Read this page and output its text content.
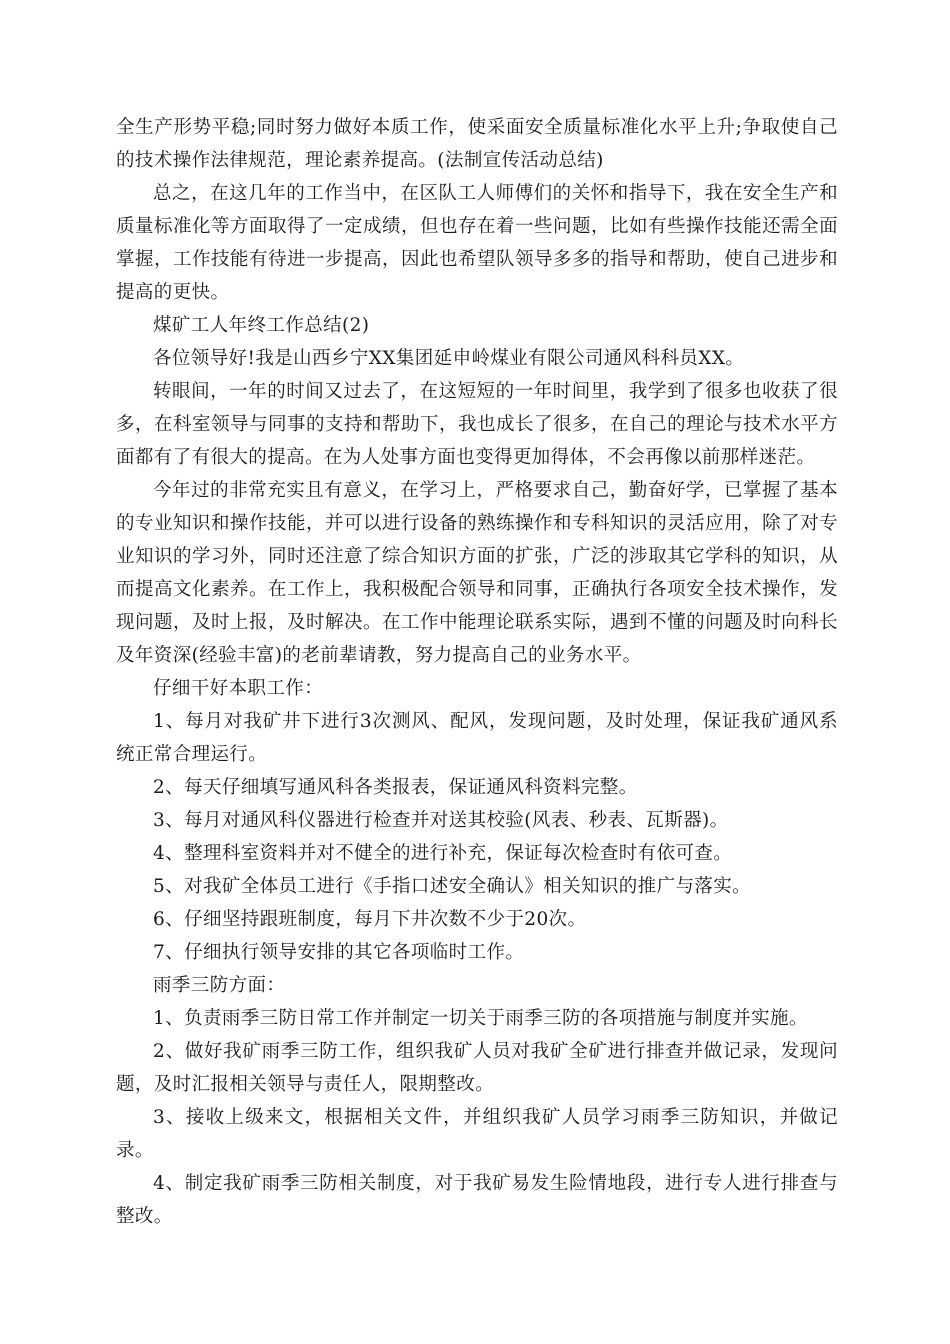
全生产形势平稳;同时努力做好本质工作，使采面安全质量标准化水平上升;争取使自己的技术操作法律规范，理论素养提高。(法制宣传活动总结)

总之，在这几年的工作当中，在区队工人师傅们的关怀和指导下，我在安全生产和质量标准化等方面取得了一定成绩，但也存在着一些问题，比如有些操作技能还需全面掌握，工作技能有待进一步提高，因此也希望队领导多多的指导和帮助，使自己进步和提高的更快。

煤矿工人年终工作总结(2)

各位领导好!我是山西乡宁XX集团延申岭煤业有限公司通风科科员XX。

转眼间，一年的时间又过去了，在这短短的一年时间里，我学到了很多也收获了很多，在科室领导与同事的支持和帮助下，我也成长了很多，在自己的理论与技术水平方面都有了有很大的提高。在为人处事方面也变得更加得体，不会再像以前那样迷茫。

今年过的非常充实且有意义，在学习上，严格要求自己，勤奋好学，已掌握了基本的专业知识和操作技能，并可以进行设备的熟练操作和专科知识的灵活应用，除了对专业知识的学习外，同时还注意了综合知识方面的扩张，广泛的涉取其它学科的知识，从而提高文化素养。在工作上，我积极配合领导和同事，正确执行各项安全技术操作，发现问题，及时上报，及时解决。在工作中能理论联系实际，遇到不懂的问题及时向科长及年资深(经验丰富)的老前辈请教，努力提高自己的业务水平。

仔细干好本职工作：

1、每月对我矿井下进行3次测风、配风，发现问题，及时处理，保证我矿通风系统正常合理运行。

2、每天仔细填写通风科各类报表，保证通风科资料完整。

3、每月对通风科仪器进行检查并对送其校验(风表、秒表、瓦斯器)。

4、整理科室资料并对不健全的进行补充，保证每次检查时有依可查。

5、对我矿全体员工进行《手指口述安全确认》相关知识的推广与落实。

6、仔细坚持跟班制度，每月下井次数不少于20次。

7、仔细执行领导安排的其它各项临时工作。

雨季三防方面：

1、负责雨季三防日常工作并制定一切关于雨季三防的各项措施与制度并实施。

2、做好我矿雨季三防工作，组织我矿人员对我矿全矿进行排查并做记录，发现问题，及时汇报相关领导与责任人，限期整改。

3、接收上级来文，根据相关文件，并组织我矿人员学习雨季三防知识，并做记录。

4、制定我矿雨季三防相关制度，对于我矿易发生险情地段，进行专人进行排查与整改。
